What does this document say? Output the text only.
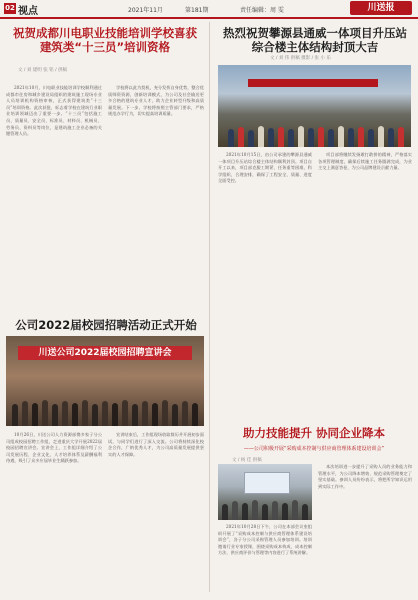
02 视点	2021年11月	第181期	责任编辑：周 雯	川送报
祝贺成都川电职业技能培训学校喜获
建筑类“十三员”培训资格
文 / 刘 建明 张 铭 / 供稿

2021年10月，川电职业技能培训学校顺利通过成都市住房和城乡建设局组织的建筑施工现场专业人员培训机构资格审核，正式获得建筑类“十三员”培训资格。此次获批，标志着学校在建筑行业职业培训领域迈出了重要一步。“十三员”包括施工员、质量员、安全员、标准员、材料员、机械员、劳务员、资料员等岗位，是建筑施工企业必备的关键管理人员。

学校将以此为契机，充分发挥自身优势，整合优质师资资源，创新培训模式，为公司及社会输送更多合格的建筑专业人才，助力企业转型升级和高质量发展。下一步，学校将按照主管部门要求，严格规范办学行为，切实提高培训质量。

热烈祝贺攀源县通威一体项目升压站综合楼主体结构封顶大吉
文 / 刘 伟 供稿 摄影 / 张 小 乐

2021年10月15日，由公司承建的攀源县通威一体项目升压站综合楼主体结构顺利封顶。项目自开工以来，项目部克服工期紧、任务重等困难，科学组织，合理安排，确保了工程安全、质量、进度全面受控。

项目部将继续发扬敢打敢拼的精神，严格落实各项管理制度，确保后续施工任务圆满完成，为业主交上满意答卷，为公司品牌建设贡献力量。

公司2022届校园招聘活动正式开始
川送公司2022届校园招聘宣讲会

10月26日，川送公司人力资源部携多家子分公司组成校园招聘工作组，走进重庆大学开展2022届校园招聘宣讲会。宣讲会上，工作组详细介绍了公司发展历程、企业文化、人才培养体系及薪酬福利待遇，吸引了众多应届毕业生踊跃参加。

宣讲结束后，工作组现场收取简历并开展初步面试，与同学们进行了深入交流。公司将持续深化校企合作，广纳优秀人才，为公司高质量发展提供坚实的人才保障。

助力技能提升 协同企业降本
——公司积极开展“采购成本控制与供应商管理体系建设培训会”
文 / 杨 佳 供稿

2021年10月28日下午，公司在本部会议室组织开展了“采购成本控制与供应商管理体系建设培训会”，各子分公司采购管理人员参加培训。培训邀请行业专家授课，围绕采购成本构成、成本控制方法、供应商评价与管理等内容进行了系统讲解。

本次培训进一步提升了采购人员的业务能力和管理水平，为公司降本增效、规范采购管理奠定了坚实基础。参训人员纷纷表示，将把所学知识运用到实际工作中。
